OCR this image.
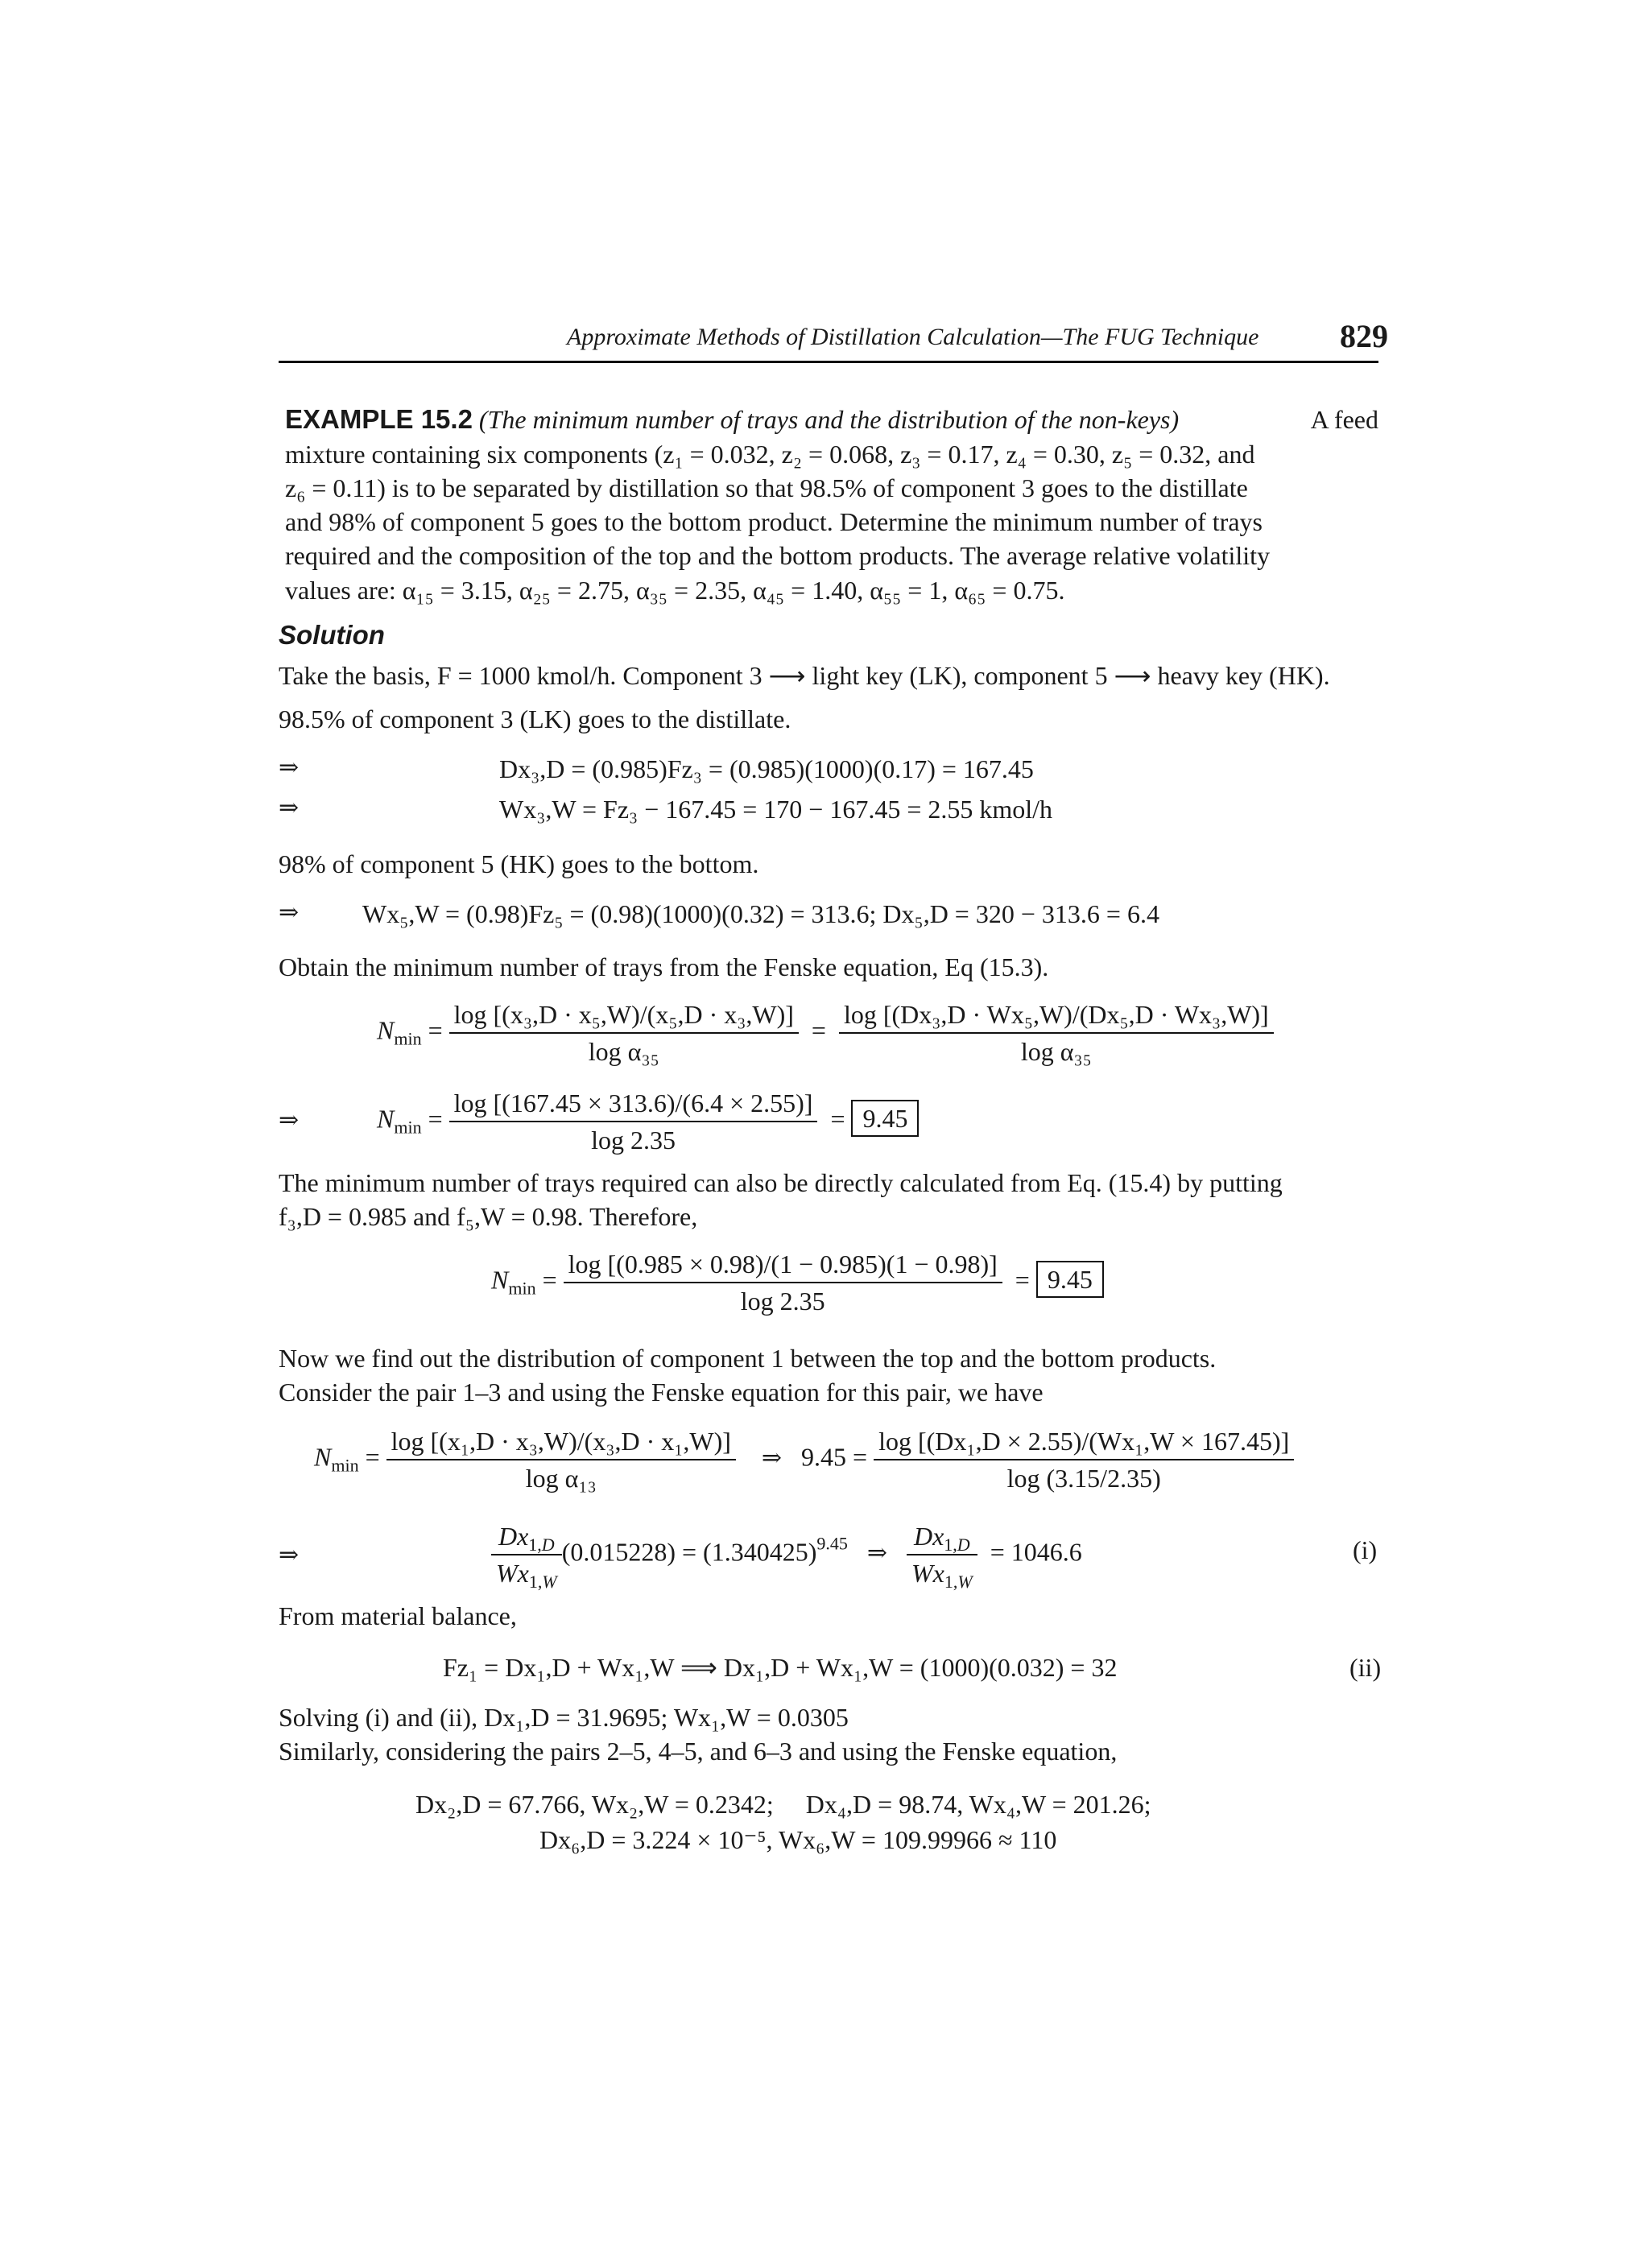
Approximate Methods of Distillation Calculation—The FUG Technique	829
EXAMPLE 15.2 (The minimum number of trays and the distribution of the non-keys)	A feed
mixture containing six components (z₁ = 0.032, z₂ = 0.068, z₃ = 0.17, z₄ = 0.30, z₅ = 0.32, and
z₆ = 0.11) is to be separated by distillation so that 98.5% of component 3 goes to the distillate
and 98% of component 5 goes to the bottom product. Determine the minimum number of trays
required and the composition of the top and the bottom products. The average relative volatility
values are: α₁₅ = 3.15, α₂₅ = 2.75, α₃₅ = 2.35, α₄₅ = 1.40, α₅₅ = 1, α₆₅ = 0.75.
Solution
Take the basis, F = 1000 kmol/h. Component 3 ⟶ light key (LK), component 5 ⟶ heavy key (HK).
98.5% of component 3 (LK) goes to the distillate.
⇒	Dx₃,D = (0.985)Fz₃ = (0.985)(1000)(0.17) = 167.45
⇒	Wx₃,W = Fz₃ − 167.45 = 170 − 167.45 = 2.55 kmol/h
98% of component 5 (HK) goes to the bottom.
⇒ Wx₅,W = (0.98)Fz₅ = (0.98)(1000)(0.32) = 313.6; Dx₅,D = 320 − 313.6 = 6.4
Obtain the minimum number of trays from the Fenske equation, Eq (15.3).
$N_{min} = \frac{\text{log [(x₃,D · x₅,W)/(x₅,D · x₃,W)]}}{\text{log α₃₅}} = \frac{\text{log [(Dx₃,D · Wx₅,W)/(Dx₅,D · Wx₃,W)]}}{\text{log α₃₅}}$
⇒	$N_{min} = \frac{\log [(167.45 \times 313.6)/(6.4 \times 2.55)]}{\log 2.35} = 9.45$
The minimum number of trays required can also be directly calculated from Eq. (15.4) by putting
f₃,D = 0.985 and f₅,W = 0.98. Therefore,
$N_{min} = \frac{\log [(0.985 \times 0.98)/(1 - 0.985)(1 - 0.98)]}{\log 2.35} = 9.45$
Now we find out the distribution of component 1 between the top and the bottom products.
Consider the pair 1–3 and using the Fenske equation for this pair, we have
$N_{min} = \frac{\text{log [(x₁,D · x₃,W)/(x₃,D · x₁,W)]}}{\text{log α₁₃}}$ ⇒ $9.45 = \frac{\text{log [(Dx₁,D × 2.55)/(Wx₁,W × 167.45)]}}{\log (3.15/2.35)}$
⇒	$\frac{Dx_{1,D}}{Wx_{1,W}} (0.015228) = (1.340425)^{9.45}$ ⇒ $\frac{Dx_{1,D}}{Wx_{1,W}} = 1046.6$	(i)
From material balance,
Fz₁ = Dx₁,D + Wx₁,W ⟹ Dx₁,D + Wx₁,W = (1000)(0.032) = 32	(ii)
Solving (i) and (ii), Dx₁,D = 31.9695; Wx₁,W = 0.0305
Similarly, considering the pairs 2–5, 4–5, and 6–3 and using the Fenske equation,
Dx₂,D = 67.766, Wx₂,W = 0.2342;     Dx₄,D = 98.74, Wx₄,W = 201.26;
Dx₆,D = 3.224 × 10⁻⁵, Wx₆,W = 109.99966 ≈ 110
